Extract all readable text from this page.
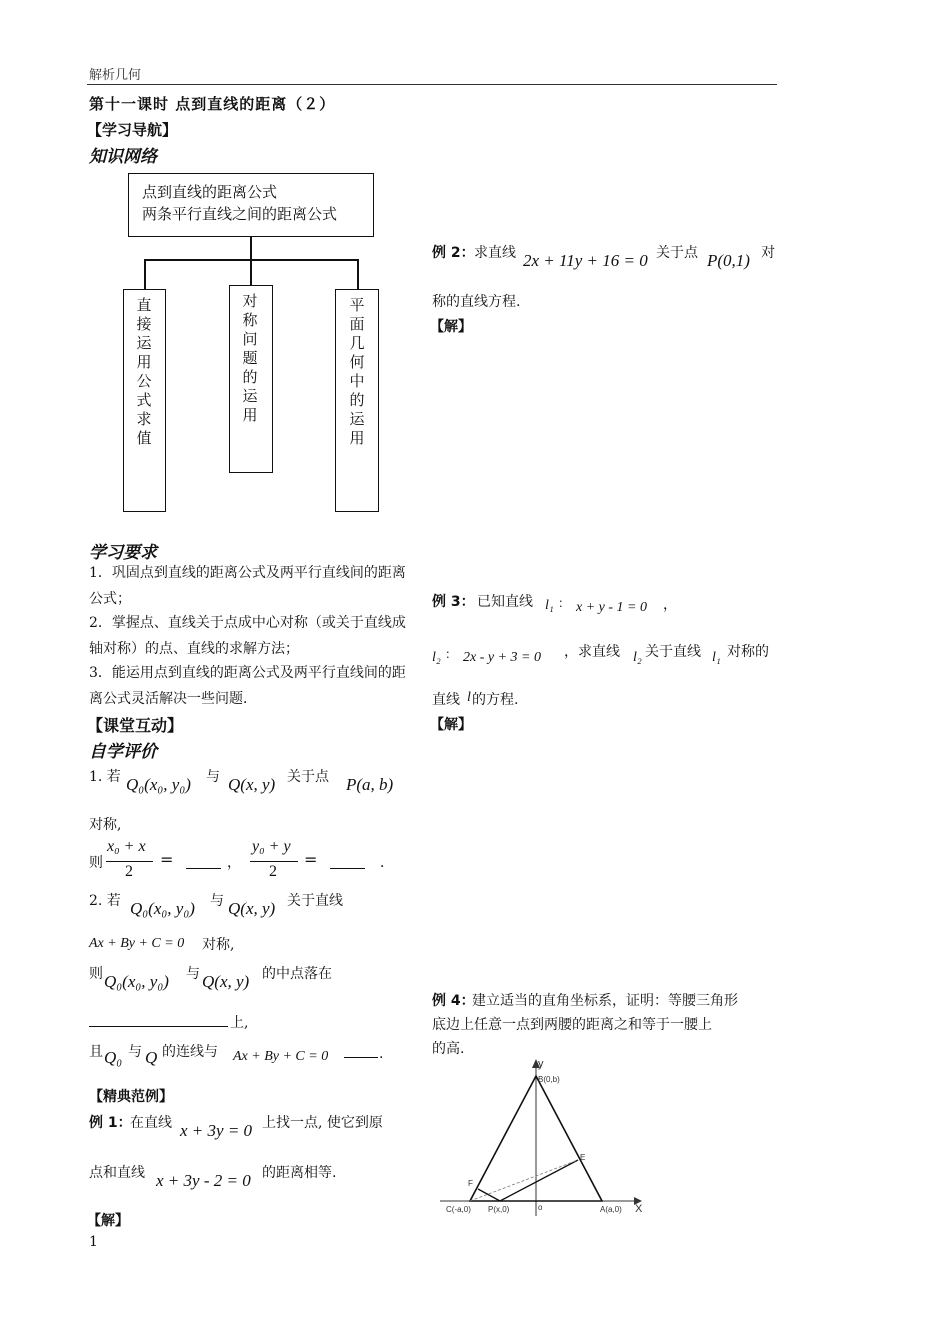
解析几何
第十一课时 点到直线的距离（２）
【学习导航】
知识网络
点到直线的距离公式
两条平行直线之间的距离公式
直接运用公式求值
对称问题的运用
平面几何中的运用
学习要求
1．巩固点到直线的距离公式及两平行直线间的距离公式；
2．掌握点、直线关于点成中心对称（或关于直线成轴对称）的点、直线的求解方法；
3．能运用点到直线的距离公式及两平行直线间的距离公式灵活解决一些问题．
【课堂互动】
自学评价
1. 若 Q₀(x₀, y₀) 与 Q(x, y) 关于点 P(a, b)
对称,
则
x₀ + x
2
=	，
y₀ + y
2
=	．
2. 若 Q₀(x₀, y₀) 与 Q(x, y) 关于直线
Ax + By + C = 0 对称,
则 Q₀(x₀, y₀) 与 Q(x, y) 的中点落在
上,
且 Q₀ 与 Q 的连线与 Ax + By + C = 0	.
【精典范例】
例 1：
在直线 x + 3y = 0 上找一点, 使它到原
点和直线 x + 3y - 2 = 0 的距离相等.
【解】
例 2： 求直线 2x + 11y + 16 = 0 关于点 P(0,1) 对
称的直线方程.
【解】
例 3： 已知直线 l₁ ： x + y - 1 = 0 ，
l₂ ： 2x - y + 3 = 0 ，求直线 l₂ 关于直线 l₁ 对称的
直线 l 的方程.
【解】
例 4：
建立适当的直角坐标系，证明：等腰三角形
底边上任意一点到两腰的距离之和等于一腰上
的高.
y
X
B(0,b)
C(-a,0) P(x,0)	o	A(a,0)
E
F
1
